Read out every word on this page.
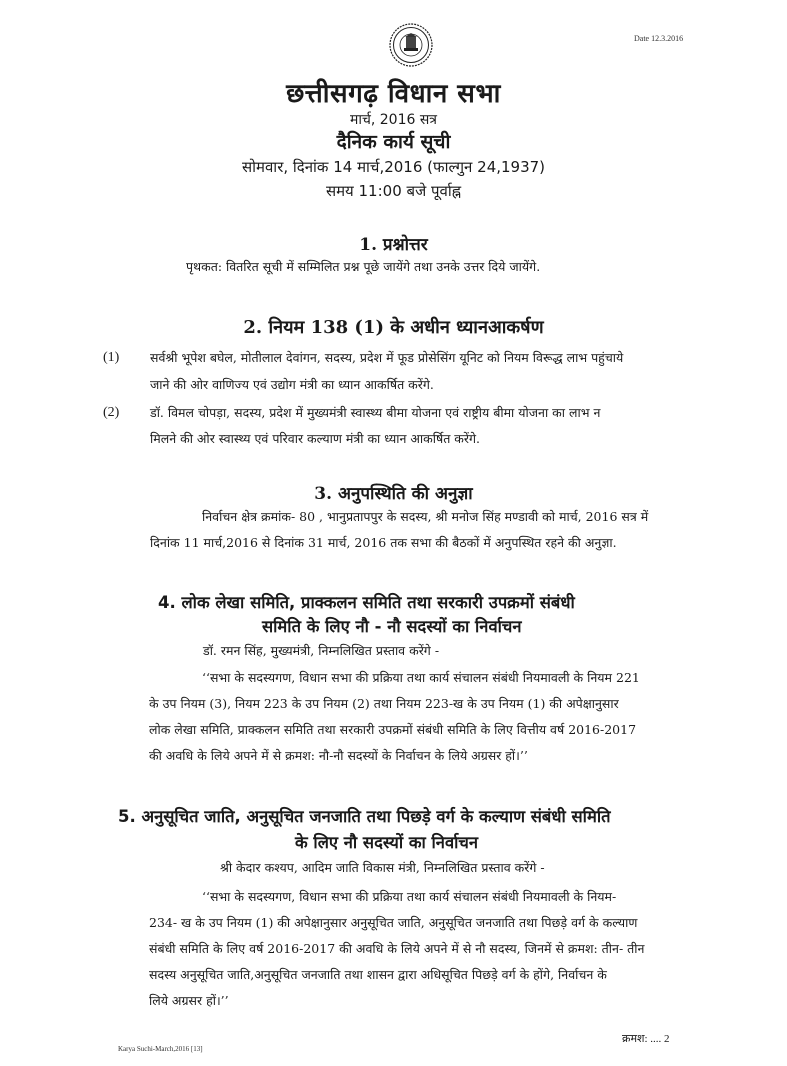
Date 12.3.2016
छत्तीसगढ़ विधान सभा
मार्च, 2016 सत्र
दैनिक कार्य सूची
सोमवार, दिनांक 14 मार्च,2016 (फाल्गुन 24,1937)
समय 11:00 बजे पूर्वाह्न
1. प्रश्नोत्तर
पृथकत: वितरित सूची में सम्मिलित प्रश्न पूछे जायेंगे तथा उनके उत्तर दिये जायेंगे.
2. नियम 138 (1) के अधीन ध्यानआकर्षण
(1) सर्वश्री भूपेश बघेल, मोतीलाल देवांगन, सदस्य, प्रदेश में फूड प्रोसेसिंग यूनिट को नियम विरूद्ध लाभ पहुंचाये
जाने की ओर वाणिज्य एवं उद्योग मंत्री का ध्यान आकर्षित करेंगे.
(2) डॉ. विमल चोपड़ा, सदस्य, प्रदेश में मुख्यमंत्री स्वास्थ्य बीमा योजना एवं राष्ट्रीय बीमा योजना का लाभ न
मिलने की ओर स्वास्थ्य एवं परिवार कल्याण मंत्री का ध्यान आकर्षित करेंगे.
3. अनुपस्थिति की अनुज्ञा
निर्वाचन क्षेत्र क्रमांक- 80 , भानुप्रतापपुर के सदस्य, श्री मनोज सिंह मण्डावी को मार्च, 2016 सत्र में
दिनांक 11 मार्च,2016 से दिनांक 31 मार्च, 2016 तक सभा की बैठकों में अनुपस्थित रहने की अनुज्ञा.
4. लोक लेखा समिति, प्राक्कलन समिति तथा सरकारी उपक्रमों संबंधी
समिति के लिए नौ - नौ सदस्यों का निर्वाचन
डॉ. रमन सिंह, मुख्यमंत्री, निम्नलिखित प्रस्ताव करेंगे -
‘‘सभा के सदस्यगण, विधान सभा की प्रक्रिया तथा कार्य संचालन संबंधी नियमावली के नियम 221
के उप नियम (3), नियम 223 के उप नियम (2) तथा नियम 223-ख के उप नियम (1) की अपेक्षानुसार
लोक लेखा समिति, प्राक्कलन समिति तथा सरकारी उपक्रमों संबंधी समिति के लिए वित्तीय वर्ष 2016-2017
की अवधि के लिये अपने में से क्रमश: नौ-नौ सदस्यों के निर्वाचन के लिये अग्रसर हों।’’
5. अनुसूचित जाति, अनुसूचित जनजाति तथा पिछड़े वर्ग के कल्याण संबंधी समिति
के लिए नौ सदस्यों का निर्वाचन
श्री केदार कश्यप, आदिम जाति विकास मंत्री, निम्नलिखित प्रस्ताव करेंगे -
‘‘सभा के सदस्यगण, विधान सभा की प्रक्रिया तथा कार्य संचालन संबंधी नियमावली के नियम-
234- ख के उप नियम (1) की अपेक्षानुसार अनुसूचित जाति, अनुसूचित जनजाति तथा पिछड़े वर्ग के कल्याण
संबंधी समिति के लिए वर्ष 2016-2017 की अवधि के लिये अपने में से नौ सदस्य, जिनमें से क्रमश: तीन- तीन
सदस्य अनुसूचित जाति,अनुसूचित जनजाति तथा शासन द्वारा अधिसूचित पिछड़े वर्ग के होंगे, निर्वाचन के
लिये अग्रसर हों।’’
क्रमश: .... 2
Karya Suchi-March,2016 [13]
